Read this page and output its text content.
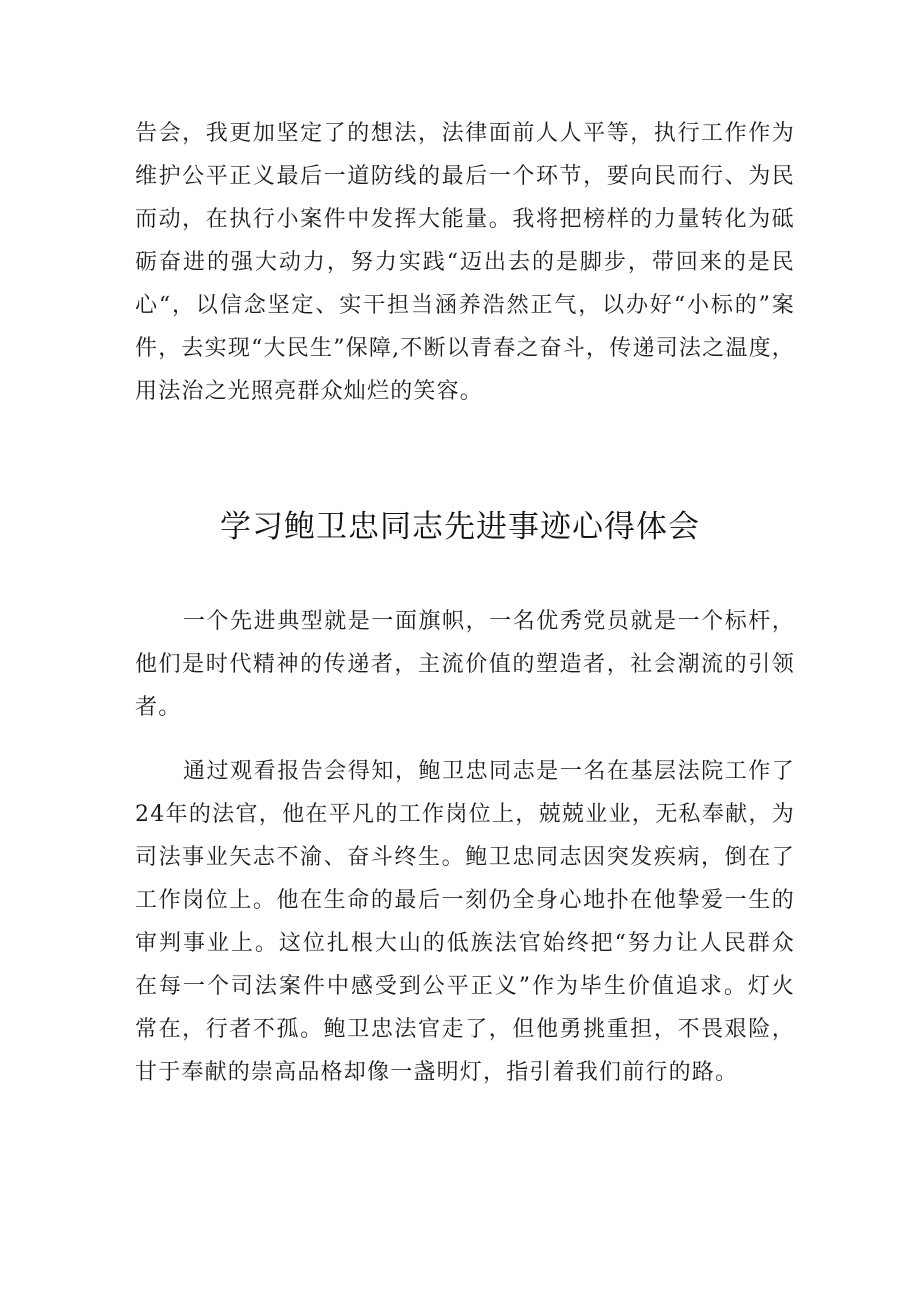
告会，我更加坚定了的想法，法律面前人人平等，执行工作作为维护公平正义最后一道防线的最后一个环节，要向民而行、为民而动，在执行小案件中发挥大能量。我将把榜样的力量转化为砥砺奋进的强大动力，努力实践“迈出去的是脚步，带回来的是民心“，以信念坚定、实干担当涵养浩然正气，以办好“小标的”案件，去实现“大民生”保障,不断以青春之奋斗，传递司法之温度，用法治之光照亮群众灿烂的笑容。

学习鲍卫忠同志先进事迹心得体会

一个先进典型就是一面旗帜，一名优秀党员就是一个标杆，他们是时代精神的传递者，主流价值的塑造者，社会潮流的引领者。

通过观看报告会得知，鲍卫忠同志是一名在基层法院工作了24年的法官，他在平凡的工作岗位上，兢兢业业，无私奉献，为司法事业矢志不渝、奋斗终生。鲍卫忠同志因突发疾病，倒在了工作岗位上。他在生命的最后一刻仍全身心地扑在他挚爱一生的审判事业上。这位扎根大山的低族法官始终把“努力让人民群众在每一个司法案件中感受到公平正义”作为毕生价值追求。灯火常在，行者不孤。鲍卫忠法官走了，但他勇挑重担，不畏艰险，甘于奉献的崇高品格却像一盏明灯，指引着我们前行的路。
